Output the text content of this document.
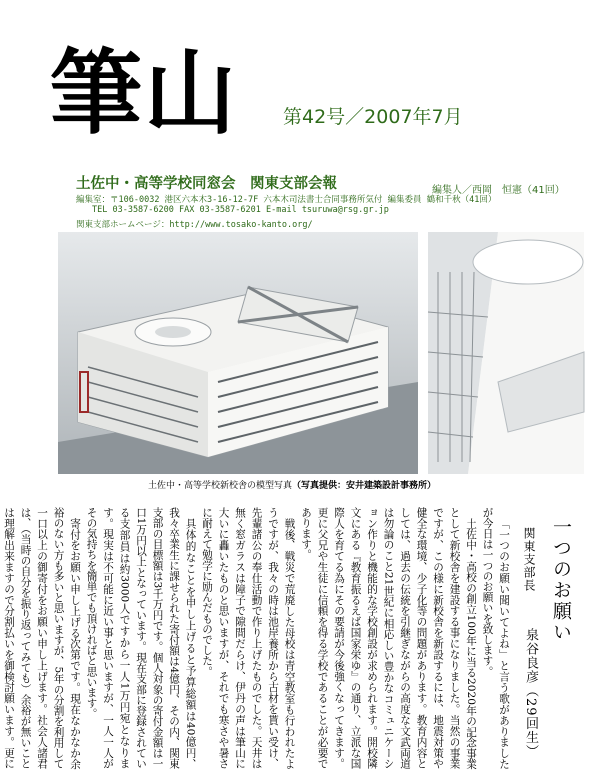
筆山 第42号／2007年7月
土佐中・高等学校同窓会　関東支部会報	編集人／西岡　恒憲（41回）
編集室：〒106-0032 港区六本木3-16-12-7F 六本木司法書士合同事務所気付 編集委員 鶴和千秋（41回）
TEL 03-3587-6200 FAX 03-3587-6201 E-mail tsuruwa@rsg.gr.jp
関東支部ホームページ：http://www.tosako-kanto.org/
土佐中・高等学校新校舎の模型写真（写真提供：安井建築設計事務所）
一つのお願い
関東支部長
泉谷良彦（29回生）

「一つのお願い聞いてよね」と言う歌がありましたが今日は一つのお願いを致します。

土佐中・高校の創立100年に当る2020年の記念事業として新校舎を建設する事になりました。当然の事業ですが、この様に新校舎を新設するには、地震対策や健全な環境、少子化等の問題があります。教育内容としては、過去の伝統を引継ぎながらの高度な文武両道は勿論のこと21世紀に相応しい豊かなコミュニケーション作りと機能的な学校創設が求められます。開校隣文にある『教育振るえば国家栄ゆ』の通り、立派な国際人を育てる為にその要請が今後強くなってきます。更に父兄や生徒に信頼を得る学校であることが必要であります。

戦後、戦災で荒廃した母校は青空教室も行われたようですが、我々の時は池岸養所から古材を貰い受け、先輩諸公の奉仕活動で作り上げたものでした。天井は無く窓ガラスは障子で隙間だらけ、伊丹の声は筆山に大いに轟いたものと思いますが、それでも寒さや暑さに耐えて勉学に励んだものでした。

具体的なことを申し上げると予算総額は40億円、我々卒業生に課せられた寄付額は4億円、その内、関東支部の目標額は3千万円です。個人対象の寄付金額は一口1万円以上となっています。現在支部に登録されている支部員は約3000人ですから一人1万円宛となります。現実は不可能に近い事と思いますが、一人一人がその気持ちを簡単でも頂ければと思います。

寄付をお願い申し上げる次第です。現在なかなか余裕のない方も多いと思いますが、5年の分割を利用して一口以上の御寄付をお願い申し上げます。社会人諸君は、（当時の自分を振り返ってみても）余裕が無いことは理解出来ますので分割払いを御検討願います。更に
